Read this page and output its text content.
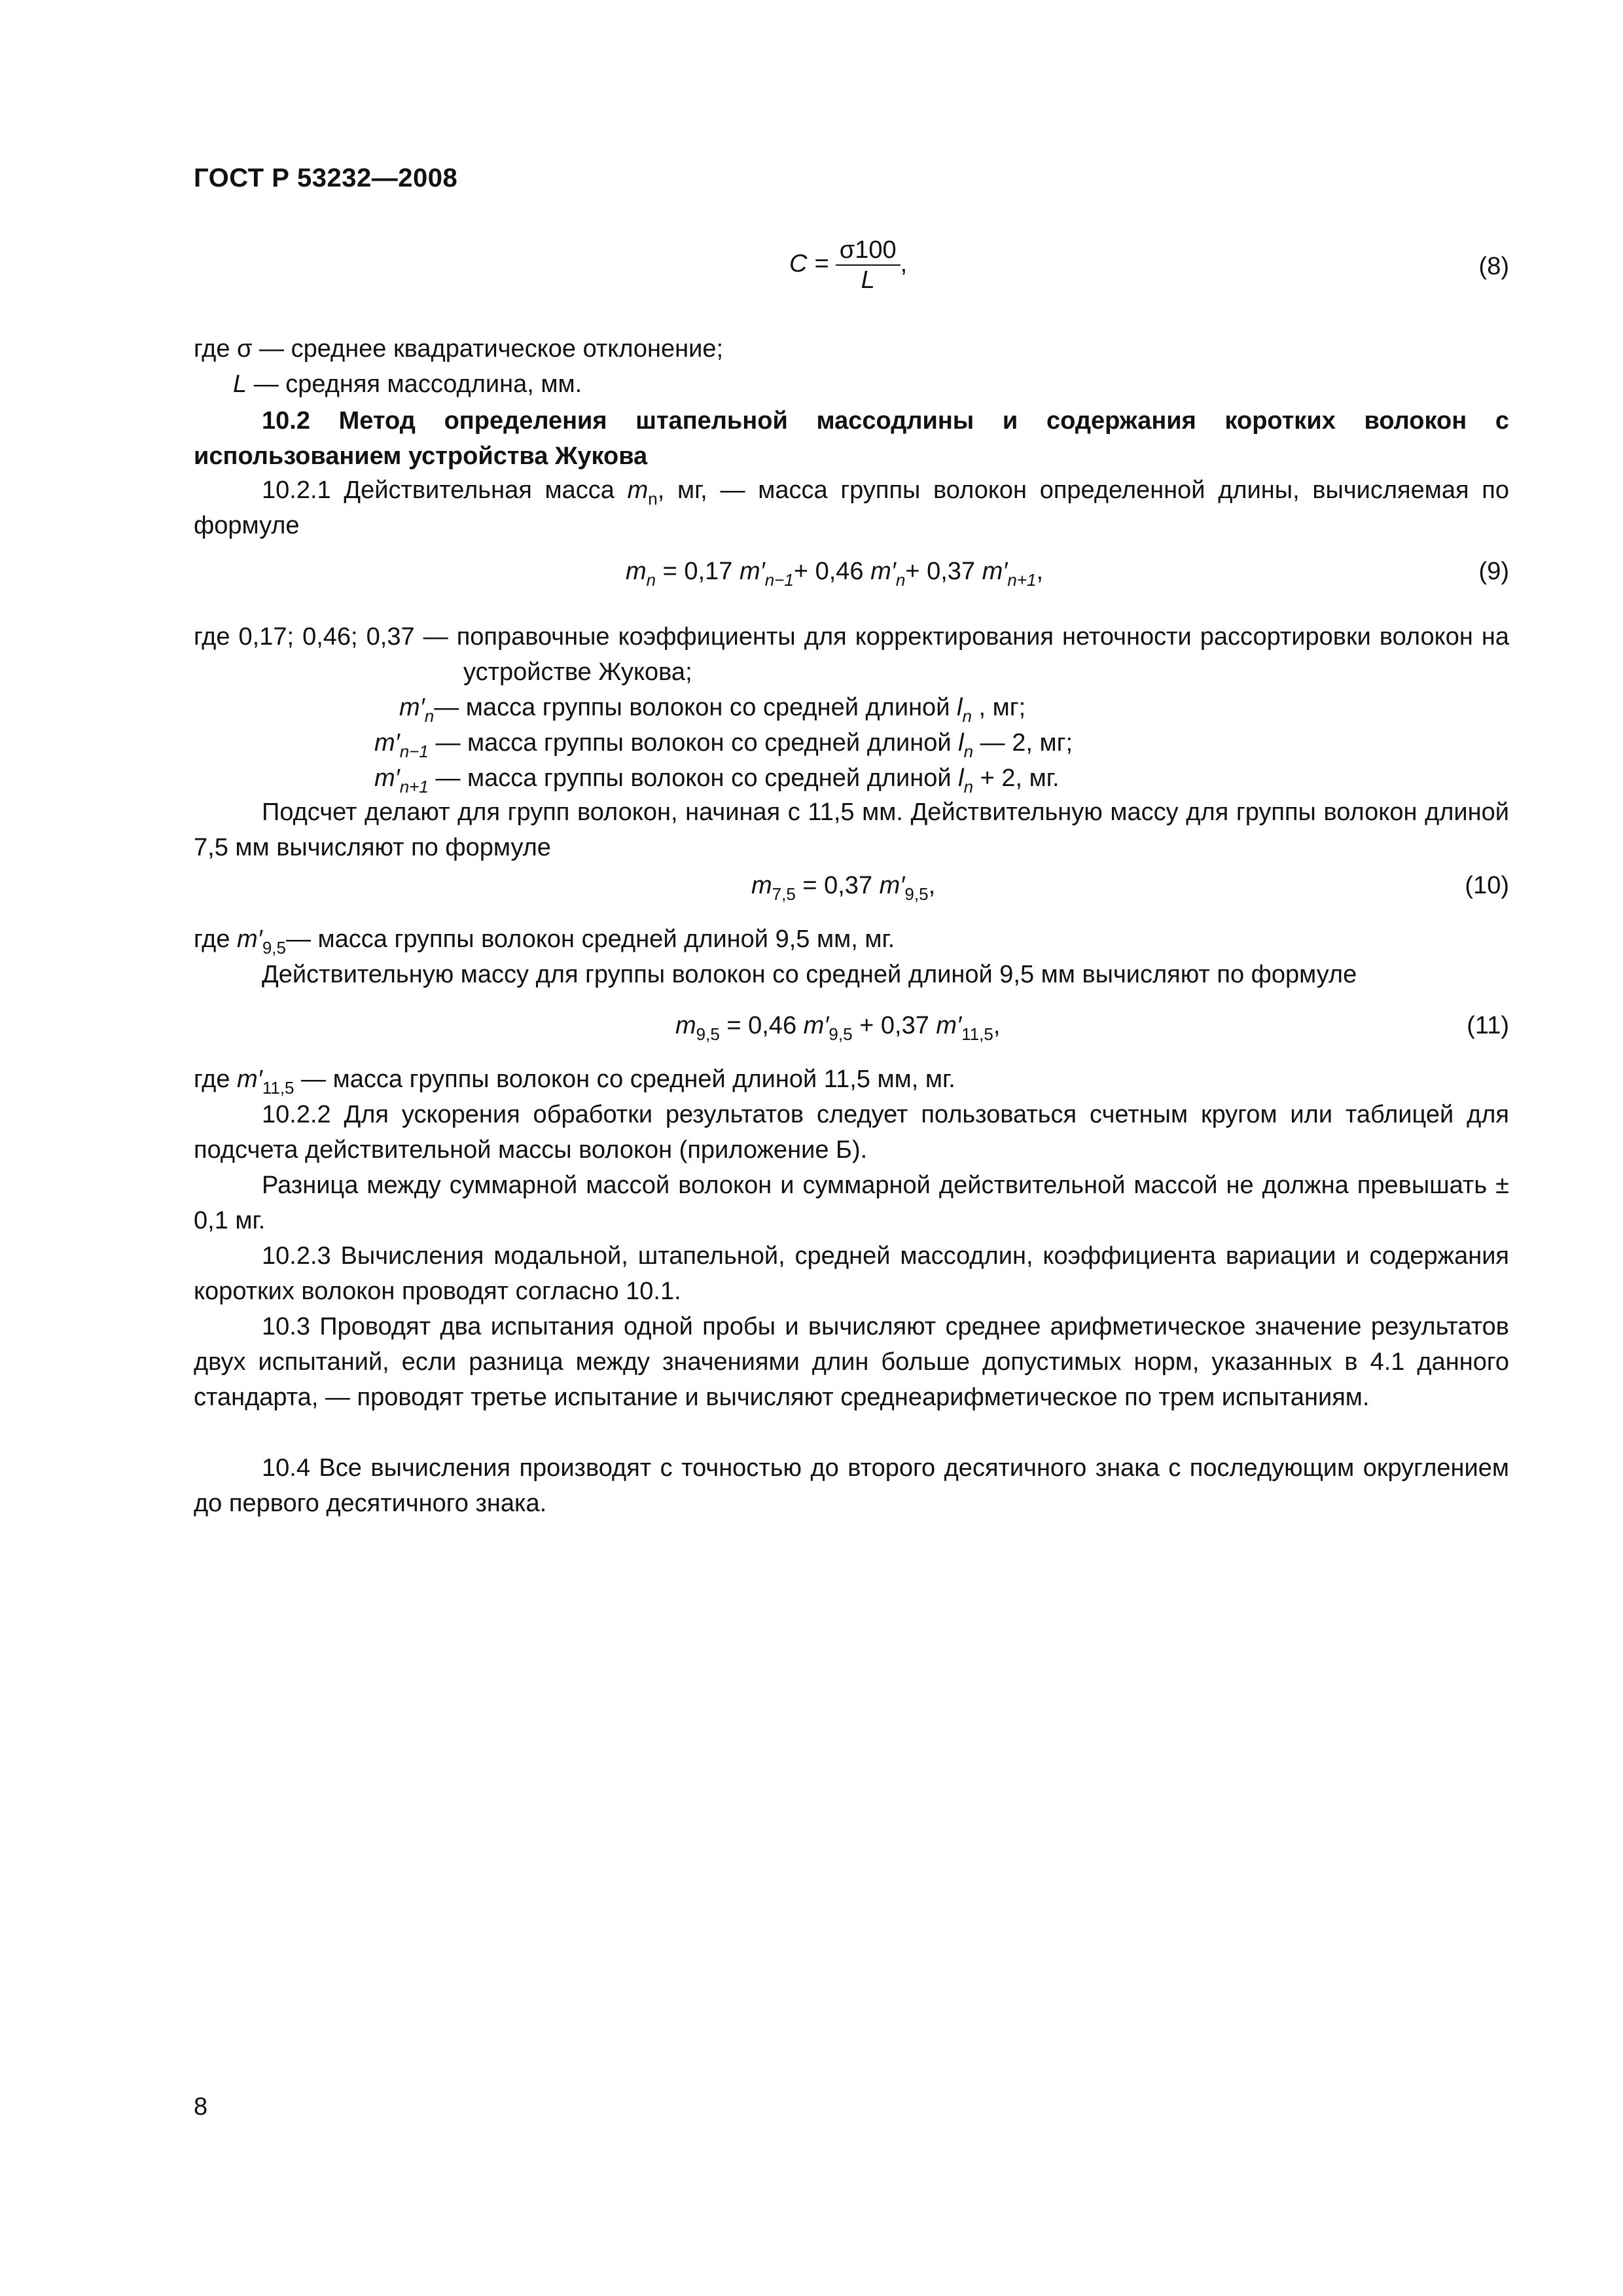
ГОСТ Р 53232—2008
$C = \frac{\sigma 100}{L}$ ,	(8)
где σ — среднее квадратическое отклонение;
L — средняя массодлина, мм.
10.2 Метод определения штапельной массодлины и содержания коротких волокон с использованием устройства Жукова
10.2.1 Действительная масса $m_n$, мг, — масса группы волокон определенной длины, вычисляемая по формуле
$m_n = 0,17$ $m'_{n-1}+ 0,46$ $m'_n+ 0,37$ $m'_{n+1}$,	(9)
где 0,17; 0,46; 0,37 — поправочные коэффициенты для корректирования неточности рассортировки волокон на устройстве Жукова;
$m'_n—$ масса группы волокон со средней длиной $l_n$ , мг;
$m'_{n-1}$ — масса группы волокон со средней длиной $l_n$ — 2, мг;
$m'_{n+1}$ — масса группы волокон со средней длиной $l_n + 2$, мг.
Подсчет делают для групп волокон, начиная с 11,5 мм. Действительную массу для группы волокон длиной 7,5 мм вычисляют по формуле
$m_{7,5} = 0,37$ $m'_{9,5}$,	(10)
где $m'_{9,5}—$ масса группы волокон средней длиной 9,5 мм, мг.
Действительную массу для группы волокон со средней длиной 9,5 мм вычисляют по формуле
$m_{9,5} = 0,46$ $m'_{9,5} + 0,37$ $m'_{11,5}$,	(11)
где $m'_{11,5}$ — масса группы волокон со средней длиной 11,5 мм, мг.
10.2.2 Для ускорения обработки результатов следует пользоваться счетным кругом или таблицей для подсчета действительной массы волокон (приложение Б).
Разница между суммарной массой волокон и суммарной действительной массой не должна превышать ± 0,1 мг.
10.2.3 Вычисления модальной, штапельной, средней массодлин, коэффициента вариации и содержания коротких волокон проводят согласно 10.1.
10.3 Проводят два испытания одной пробы и вычисляют среднее арифметическое значение результатов двух испытаний, если разница между значениями длин больше допустимых норм, указанных в 4.1 данного стандарта, — проводят третье испытание и вычисляют среднеарифметическое по трем испытаниям.
10.4 Все вычисления производят с точностью до второго десятичного знака с последующим округлением до первого десятичного знака.
8
